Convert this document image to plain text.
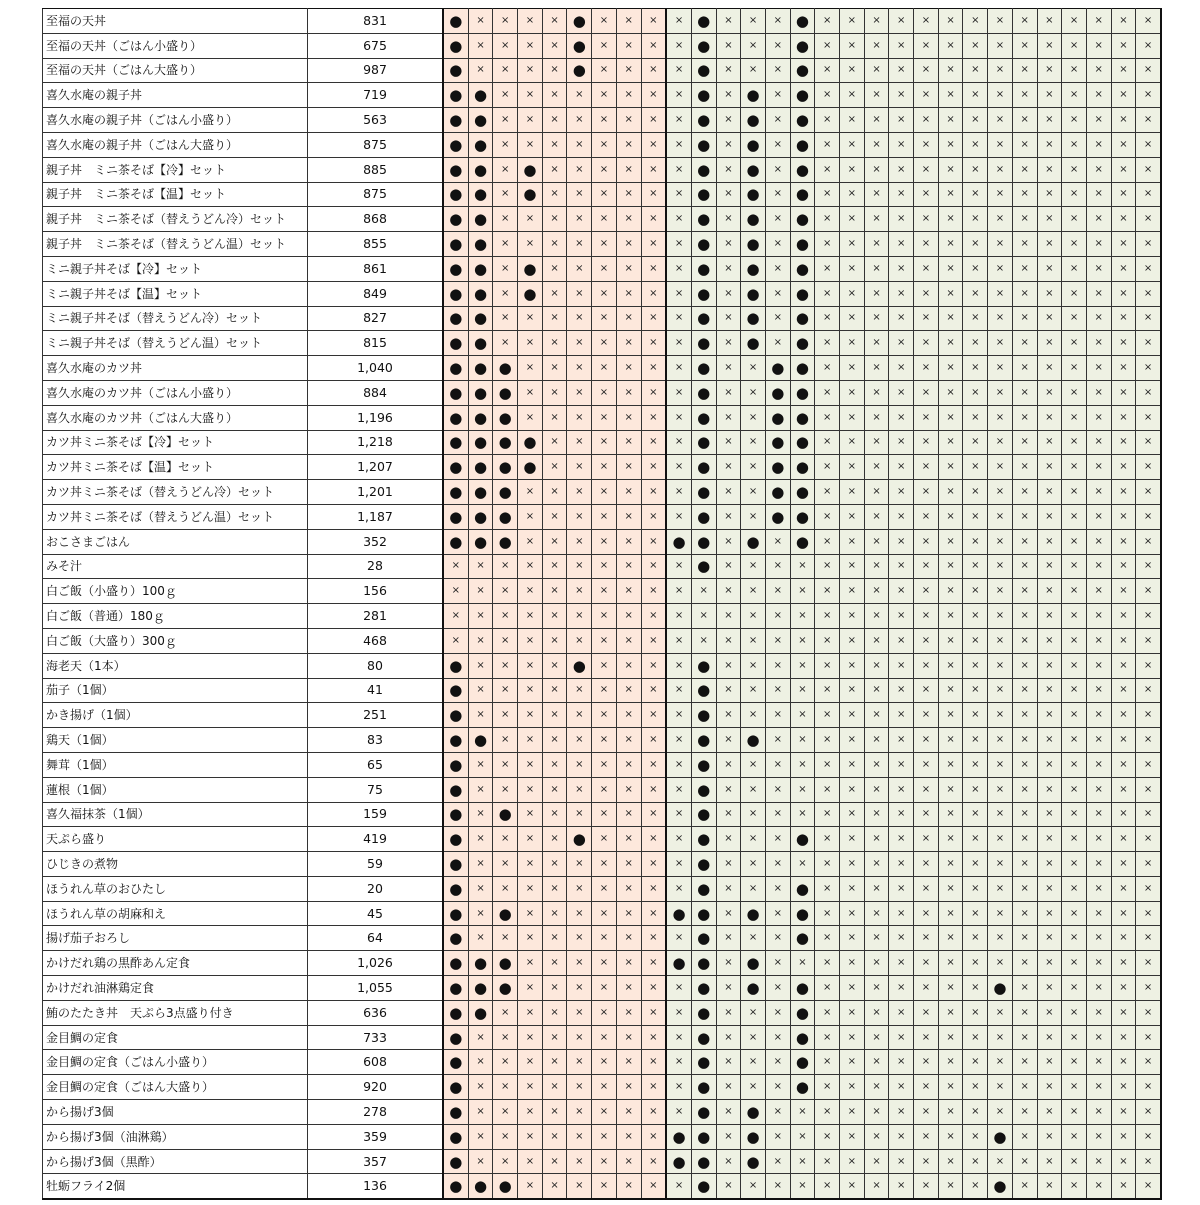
至福の天丼	831	●	×	×	×	×	●	×	×	×	×	●	×	×	×	●	×	×	×	×	×	×	×	×	×	×	×	×	×	×
至福の天丼（ごはん小盛り）	675	●	×	×	×	×	●	×	×	×	×	●	×	×	×	●	×	×	×	×	×	×	×	×	×	×	×	×	×	×
至福の天丼（ごはん大盛り）	987	●	×	×	×	×	●	×	×	×	×	●	×	×	×	●	×	×	×	×	×	×	×	×	×	×	×	×	×	×
喜久水庵の親子丼	719	●	●	×	×	×	×	×	×	×	×	●	×	●	×	●	×	×	×	×	×	×	×	×	×	×	×	×	×	×
喜久水庵の親子丼（ごはん小盛り）	563	●	●	×	×	×	×	×	×	×	×	●	×	●	×	●	×	×	×	×	×	×	×	×	×	×	×	×	×	×
喜久水庵の親子丼（ごはん大盛り）	875	●	●	×	×	×	×	×	×	×	×	●	×	●	×	●	×	×	×	×	×	×	×	×	×	×	×	×	×	×
親子丼　ミニ茶そば【冷】セット	885	●	●	×	●	×	×	×	×	×	×	●	×	●	×	●	×	×	×	×	×	×	×	×	×	×	×	×	×	×
親子丼　ミニ茶そば【温】セット	875	●	●	×	●	×	×	×	×	×	×	●	×	●	×	●	×	×	×	×	×	×	×	×	×	×	×	×	×	×
親子丼　ミニ茶そば（替えうどん冷）セット	868	●	●	×	×	×	×	×	×	×	×	●	×	●	×	●	×	×	×	×	×	×	×	×	×	×	×	×	×	×
親子丼　ミニ茶そば（替えうどん温）セット	855	●	●	×	×	×	×	×	×	×	×	●	×	●	×	●	×	×	×	×	×	×	×	×	×	×	×	×	×	×
ミニ親子丼そば【冷】セット	861	●	●	×	●	×	×	×	×	×	×	●	×	●	×	●	×	×	×	×	×	×	×	×	×	×	×	×	×	×
ミニ親子丼そば【温】セット	849	●	●	×	●	×	×	×	×	×	×	●	×	●	×	●	×	×	×	×	×	×	×	×	×	×	×	×	×	×
ミニ親子丼そば（替えうどん冷）セット	827	●	●	×	×	×	×	×	×	×	×	●	×	●	×	●	×	×	×	×	×	×	×	×	×	×	×	×	×	×
ミニ親子丼そば（替えうどん温）セット	815	●	●	×	×	×	×	×	×	×	×	●	×	●	×	●	×	×	×	×	×	×	×	×	×	×	×	×	×	×
喜久水庵のカツ丼	1,040	●	●	●	×	×	×	×	×	×	×	●	×	×	●	●	×	×	×	×	×	×	×	×	×	×	×	×	×	×
喜久水庵のカツ丼（ごはん小盛り）	884	●	●	●	×	×	×	×	×	×	×	●	×	×	●	●	×	×	×	×	×	×	×	×	×	×	×	×	×	×
喜久水庵のカツ丼（ごはん大盛り）	1,196	●	●	●	×	×	×	×	×	×	×	●	×	×	●	●	×	×	×	×	×	×	×	×	×	×	×	×	×	×
カツ丼ミニ茶そば【冷】セット	1,218	●	●	●	●	×	×	×	×	×	×	●	×	×	●	●	×	×	×	×	×	×	×	×	×	×	×	×	×	×
カツ丼ミニ茶そば【温】セット	1,207	●	●	●	●	×	×	×	×	×	×	●	×	×	●	●	×	×	×	×	×	×	×	×	×	×	×	×	×	×
カツ丼ミニ茶そば（替えうどん冷）セット	1,201	●	●	●	×	×	×	×	×	×	×	●	×	×	●	●	×	×	×	×	×	×	×	×	×	×	×	×	×	×
カツ丼ミニ茶そば（替えうどん温）セット	1,187	●	●	●	×	×	×	×	×	×	×	●	×	×	●	●	×	×	×	×	×	×	×	×	×	×	×	×	×	×
おこさまごはん	352	●	●	●	×	×	×	×	×	×	●	●	×	●	×	●	×	×	×	×	×	×	×	×	×	×	×	×	×	×
みそ汁	28	×	×	×	×	×	×	×	×	×	×	●	×	×	×	×	×	×	×	×	×	×	×	×	×	×	×	×	×	×
白ご飯（小盛り）100ｇ	156	×	×	×	×	×	×	×	×	×	×	×	×	×	×	×	×	×	×	×	×	×	×	×	×	×	×	×	×	×
白ご飯（普通）180ｇ	281	×	×	×	×	×	×	×	×	×	×	×	×	×	×	×	×	×	×	×	×	×	×	×	×	×	×	×	×	×
白ご飯（大盛り）300ｇ	468	×	×	×	×	×	×	×	×	×	×	×	×	×	×	×	×	×	×	×	×	×	×	×	×	×	×	×	×	×
海老天（1本）	80	●	×	×	×	×	●	×	×	×	×	●	×	×	×	×	×	×	×	×	×	×	×	×	×	×	×	×	×	×
茄子（1個）	41	●	×	×	×	×	×	×	×	×	×	●	×	×	×	×	×	×	×	×	×	×	×	×	×	×	×	×	×	×
かき揚げ（1個）	251	●	×	×	×	×	×	×	×	×	×	●	×	×	×	×	×	×	×	×	×	×	×	×	×	×	×	×	×	×
鶏天（1個）	83	●	●	×	×	×	×	×	×	×	×	●	×	●	×	×	×	×	×	×	×	×	×	×	×	×	×	×	×	×
舞茸（1個）	65	●	×	×	×	×	×	×	×	×	×	●	×	×	×	×	×	×	×	×	×	×	×	×	×	×	×	×	×	×
蓮根（1個）	75	●	×	×	×	×	×	×	×	×	×	●	×	×	×	×	×	×	×	×	×	×	×	×	×	×	×	×	×	×
喜久福抹茶（1個）	159	●	×	●	×	×	×	×	×	×	×	●	×	×	×	×	×	×	×	×	×	×	×	×	×	×	×	×	×	×
天ぷら盛り	419	●	×	×	×	×	●	×	×	×	×	●	×	×	×	●	×	×	×	×	×	×	×	×	×	×	×	×	×	×
ひじきの煮物	59	●	×	×	×	×	×	×	×	×	×	●	×	×	×	×	×	×	×	×	×	×	×	×	×	×	×	×	×	×
ほうれん草のおひたし	20	●	×	×	×	×	×	×	×	×	×	●	×	×	×	●	×	×	×	×	×	×	×	×	×	×	×	×	×	×
ほうれん草の胡麻和え	45	●	×	●	×	×	×	×	×	×	●	●	×	●	×	●	×	×	×	×	×	×	×	×	×	×	×	×	×	×
揚げ茄子おろし	64	●	×	×	×	×	×	×	×	×	×	●	×	×	×	●	×	×	×	×	×	×	×	×	×	×	×	×	×	×
かけだれ鶏の黒酢あん定食	1,026	●	●	●	×	×	×	×	×	×	●	●	×	●	×	×	×	×	×	×	×	×	×	×	×	×	×	×	×	×
かけだれ油淋鶏定食	1,055	●	●	●	×	×	×	×	×	×	×	●	×	●	×	●	×	×	×	×	×	×	×	●	×	×	×	×	×	×
鮪のたたき丼　天ぷら3点盛り付き	636	●	●	×	×	×	×	×	×	×	×	●	×	×	×	●	×	×	×	×	×	×	×	×	×	×	×	×	×	×
金目鯛の定食	733	●	×	×	×	×	×	×	×	×	×	●	×	×	×	●	×	×	×	×	×	×	×	×	×	×	×	×	×	×
金目鯛の定食（ごはん小盛り）	608	●	×	×	×	×	×	×	×	×	×	●	×	×	×	●	×	×	×	×	×	×	×	×	×	×	×	×	×	×
金目鯛の定食（ごはん大盛り）	920	●	×	×	×	×	×	×	×	×	×	●	×	×	×	●	×	×	×	×	×	×	×	×	×	×	×	×	×	×
から揚げ3個	278	●	×	×	×	×	×	×	×	×	×	●	×	●	×	×	×	×	×	×	×	×	×	×	×	×	×	×	×	×
から揚げ3個（油淋鶏）	359	●	×	×	×	×	×	×	×	×	●	●	×	●	×	×	×	×	×	×	×	×	×	●	×	×	×	×	×	×
から揚げ3個（黒酢）	357	●	×	×	×	×	×	×	×	×	●	●	×	●	×	×	×	×	×	×	×	×	×	×	×	×	×	×	×	×
牡蛎フライ2個	136	●	●	●	×	×	×	×	×	×	×	●	×	×	×	×	×	×	×	×	×	×	×	●	×	×	×	×	×	×
